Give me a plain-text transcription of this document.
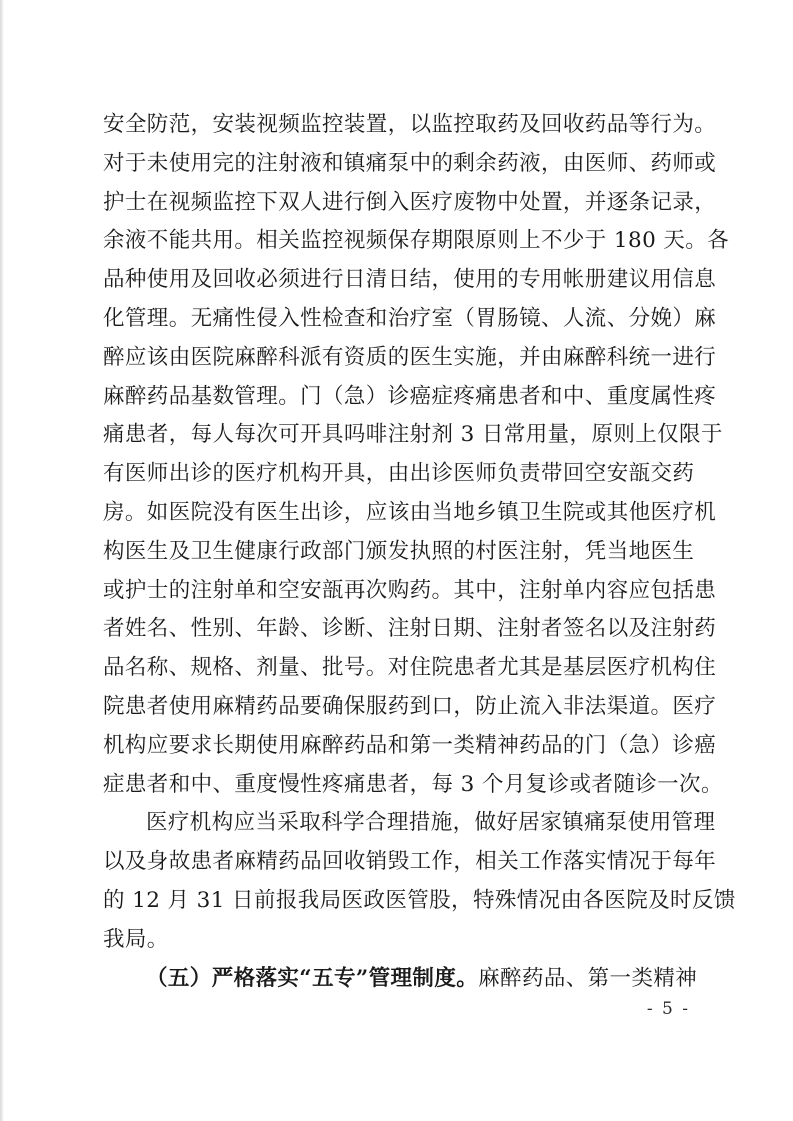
安全防范，安装视频监控装置，以监控取药及回收药品等行为。
对于未使用完的注射液和镇痛泵中的剩余药液，由医师、药师或
护士在视频监控下双人进行倒入医疗废物中处置，并逐条记录，
余液不能共用。相关监控视频保存期限原则上不少于 180 天。各
品种使用及回收必须进行日清日结，使用的专用帐册建议用信息
化管理。无痛性侵入性检查和治疗室（胃肠镜、人流、分娩）麻
醉应该由医院麻醉科派有资质的医生实施，并由麻醉科统一进行
麻醉药品基数管理。门（急）诊癌症疼痛患者和中、重度属性疼
痛患者，每人每次可开具吗啡注射剂 3 日常用量，原则上仅限于
有医师出诊的医疗机构开具，由出诊医师负责带回空安瓿交药
房。如医院没有医生出诊，应该由当地乡镇卫生院或其他医疗机
构医生及卫生健康行政部门颁发执照的村医注射，凭当地医生
或护士的注射单和空安瓿再次购药。其中，注射单内容应包括患
者姓名、性别、年龄、诊断、注射日期、注射者签名以及注射药
品名称、规格、剂量、批号。对住院患者尤其是基层医疗机构住
院患者使用麻精药品要确保服药到口，防止流入非法渠道。医疗
机构应要求长期使用麻醉药品和第一类精神药品的门（急）诊癌
症患者和中、重度慢性疼痛患者，每 3 个月复诊或者随诊一次。
医疗机构应当采取科学合理措施，做好居家镇痛泵使用管理
以及身故患者麻精药品回收销毁工作，相关工作落实情况于每年
的 12 月 31 日前报我局医政医管股，特殊情况由各医院及时反馈
我局。
（五）严格落实“五专”管理制度。麻醉药品、第一类精神
- 5 -
